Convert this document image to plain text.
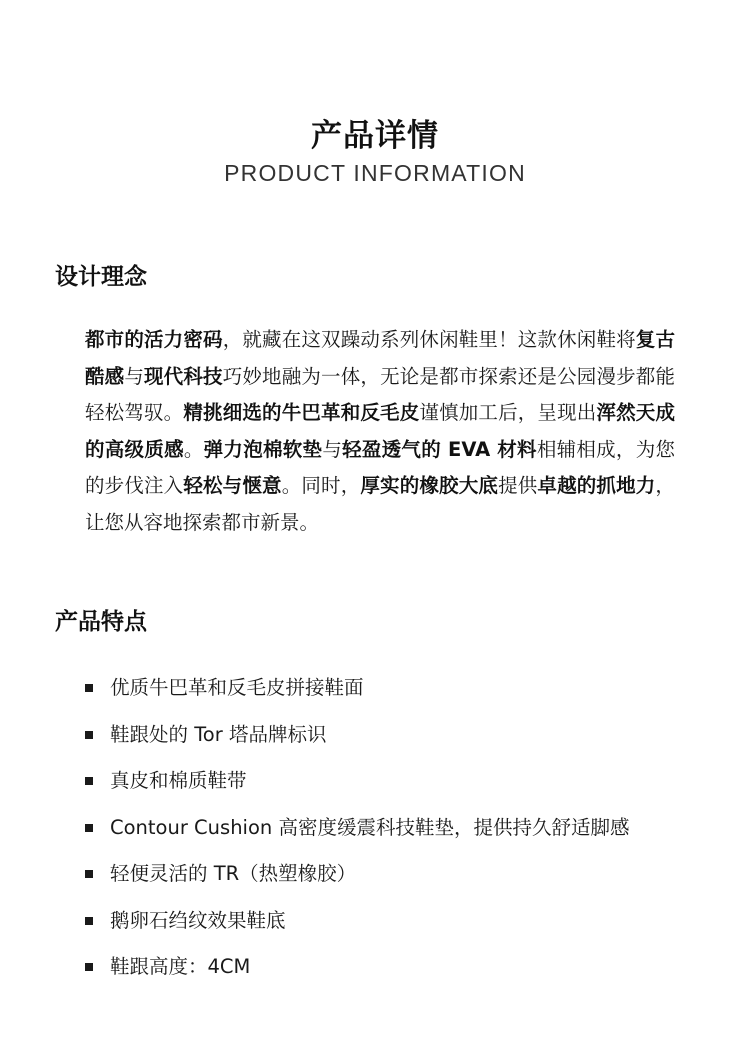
产品详情
PRODUCT INFORMATION
设计理念
都市的活力密码，就藏在这双躁动系列休闲鞋里！这款休闲鞋将复古酷感与现代科技巧妙地融为一体，无论是都市探索还是公园漫步都能轻松驾驭。精挑细选的牛巴革和反毛皮谨慎加工后，呈现出浑然天成的高级质感。弹力泡棉软垫与轻盈透气的 EVA 材料相辅相成，为您的步伐注入轻松与惬意。同时，厚实的橡胶大底提供卓越的抓地力，让您从容地探索都市新景。
产品特点
优质牛巴革和反毛皮拼接鞋面
鞋跟处的 Tor 塔品牌标识
真皮和棉质鞋带
Contour Cushion 高密度缓震科技鞋垫，提供持久舒适脚感
轻便灵活的 TR（热塑橡胶）
鹅卵石绉纹效果鞋底
鞋跟高度：4CM
